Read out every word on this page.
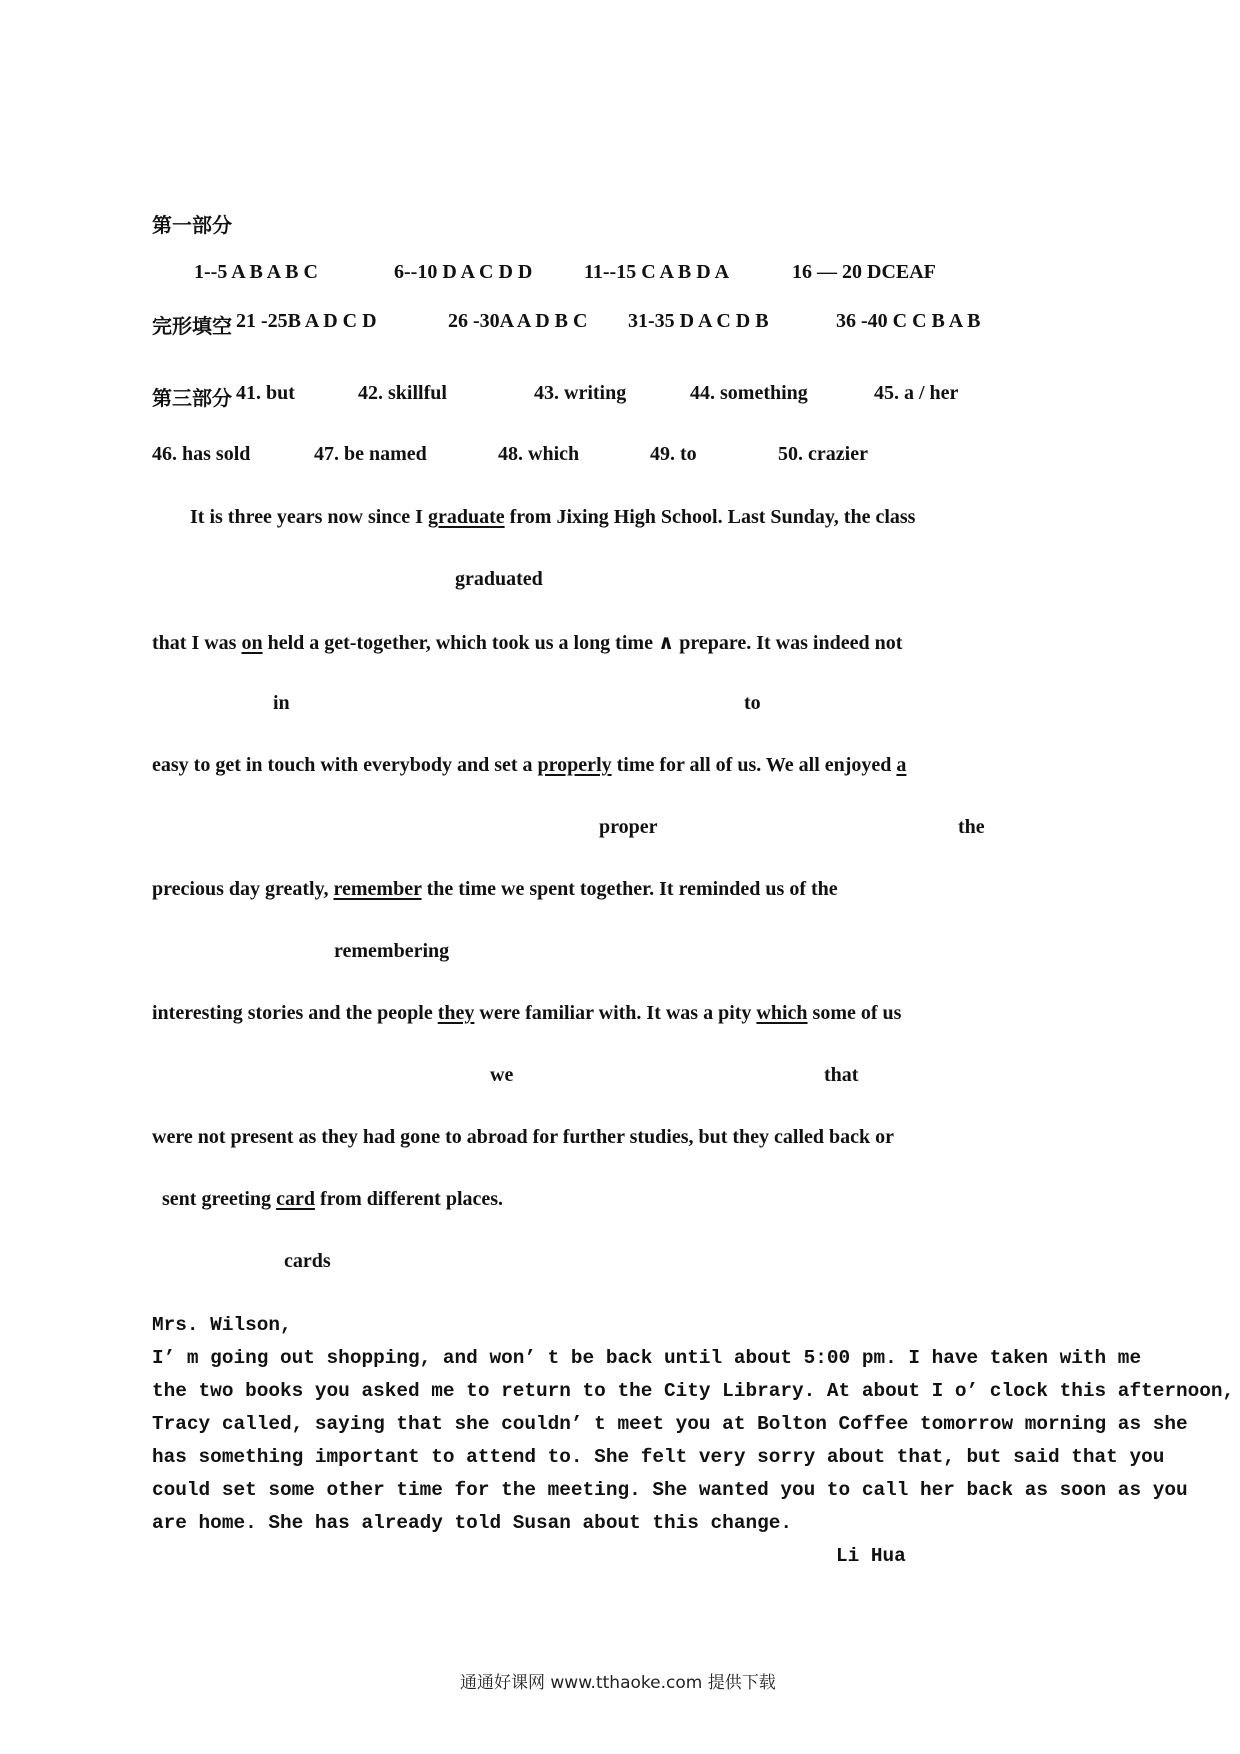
第一部分
1--5 A B A B C	6--10 D A C D D	11--15 C A B D A	16 — 20 DCEAF
完形填空 21 -25B A D C D	26 -30A A D B C 31-35 D A C D B	36 -40 C C B A B
第三部分 41. but	42. skillful	43. writing	44. something	45. a / her
46. has sold	47. be named	48. which	49. to	50. crazier
It is three years now since I graduate from Jixing High School. Last Sunday, the class
graduated
that I was on held a get-together, which took us a long time ∧ prepare. It was indeed not
in	to
easy to get in touch with everybody and set a properly time for all of us. We all enjoyed a
proper	the
precious day greatly, remember the time we spent together. It reminded us of the
remembering
interesting stories and the people they were familiar with. It was a pity which some of us
we	that
were not present as they had gone to abroad for further studies, but they called back or
sent greeting card from different places.
cards
Mrs. Wilson,
I’ m going out shopping, and won’ t be back until about 5:00 pm. I have taken with me
the two books you asked me to return to the City Library. At about I o’ clock this afternoon,
Tracy called, saying that she couldn’ t meet you at Bolton Coffee tomorrow morning as she
has something important to attend to. She felt very sorry about that, but said that you
could set some other time for the meeting. She wanted you to call her back as soon as you
are home. She has already told Susan about this change.
Li Hua
通通好课网 www.tthaoke.com 提供下载
